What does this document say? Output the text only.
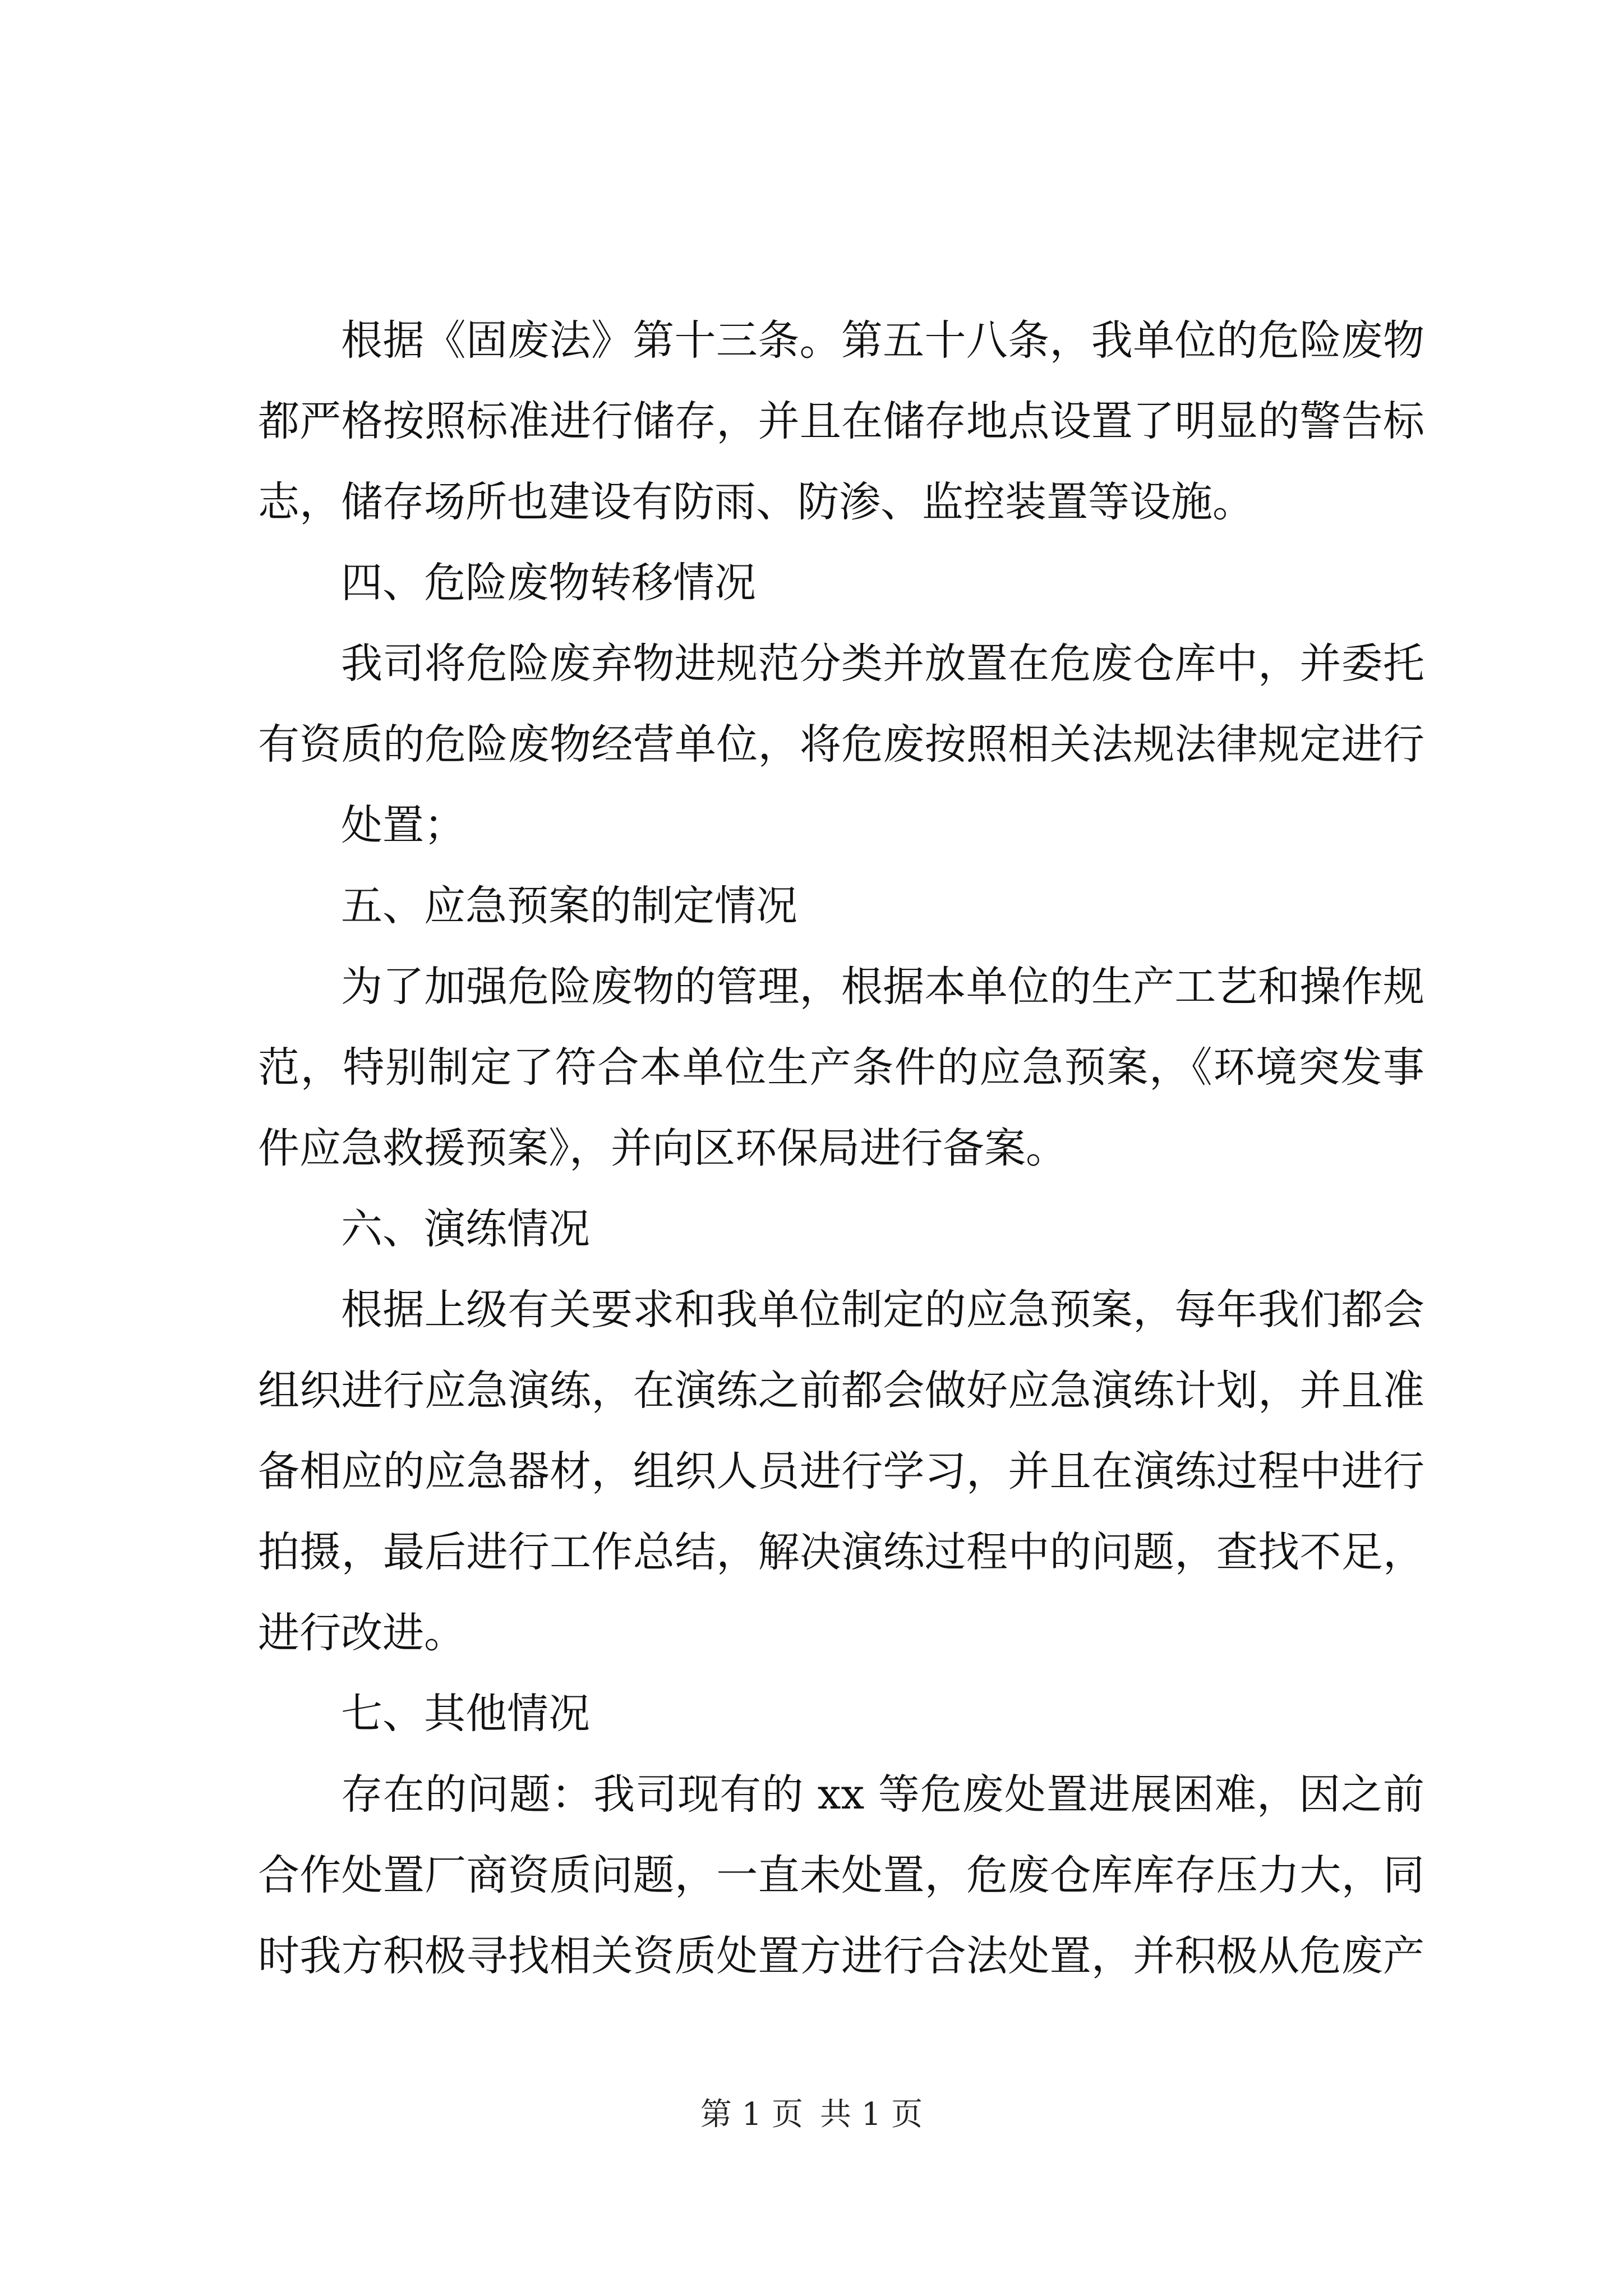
根据《固废法》第十三条。第五十八条，我单位的危险废物
都严格按照标准进行储存，并且在储存地点设置了明显的警告标
志，储存场所也建设有防雨、防渗、监控装置等设施。
四、危险废物转移情况
我司将危险废弃物进规范分类并放置在危废仓库中，并委托
有资质的危险废物经营单位，将危废按照相关法规法律规定进行
处置；
五、应急预案的制定情况
为了加强危险废物的管理，根据本单位的生产工艺和操作规
范，特别制定了符合本单位生产条件的应急预案，《环境突发事
件应急救援预案》，并向区环保局进行备案。
六、演练情况
根据上级有关要求和我单位制定的应急预案，每年我们都会
组织进行应急演练，在演练之前都会做好应急演练计划，并且准
备相应的应急器材，组织人员进行学习，并且在演练过程中进行
拍摄，最后进行工作总结，解决演练过程中的问题，查找不足，
进行改进。
七、其他情况
存在的问题：我司现有的 xx 等危废处置进展困难，因之前
合作处置厂商资质问题，一直未处置，危废仓库库存压力大，同
时我方积极寻找相关资质处置方进行合法处置，并积极从危废产
第 1 页 共 1 页
